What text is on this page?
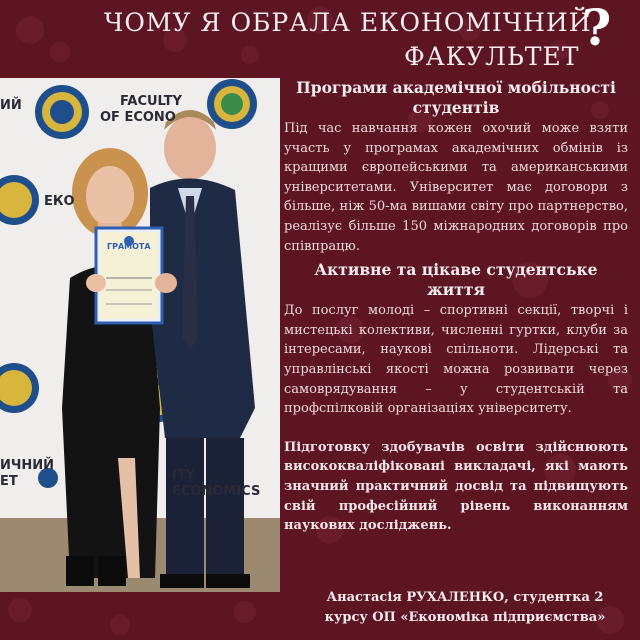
ЧОМУ Я ОБРАЛА ЕКОНОМІЧНИЙ
?
ФАКУЛЬТЕТ
ИЙ	FACULTY
OF ECONO
ЕКО
ИЧНИЙ
ЕТ	ITY
ECONOMICS
ГРАМОТА
Програми академічної мобільності студентів

Під час навчання кожен охочий може взяти участь у програмах академічних обмінів із кращими європейськими та американськими університетами. Університет має договори з більше, ніж 50-ма вишами світу про партнерство, реалізує більше 150 міжнародних договорів про співпрацю.

Активне та цікаве студентське життя

До послуг молоді – спортивні секції, творчі і мистецькі колективи, численні гуртки, клуби за інтересами, наукові спільноти. Лідерські та управлінські якості можна розвивати через самоврядування – у студентській та профспілковій організаціях університету.

Підготовку здобувачів освіти здійснюють висококваліфіковані викладачі, які мають значний практичний досвід та підвищують свій професійний рівень виконанням наукових досліджень.

Анастасія РУХАЛЕНКО, студентка 2
курсу ОП «Економіка підприємства»
